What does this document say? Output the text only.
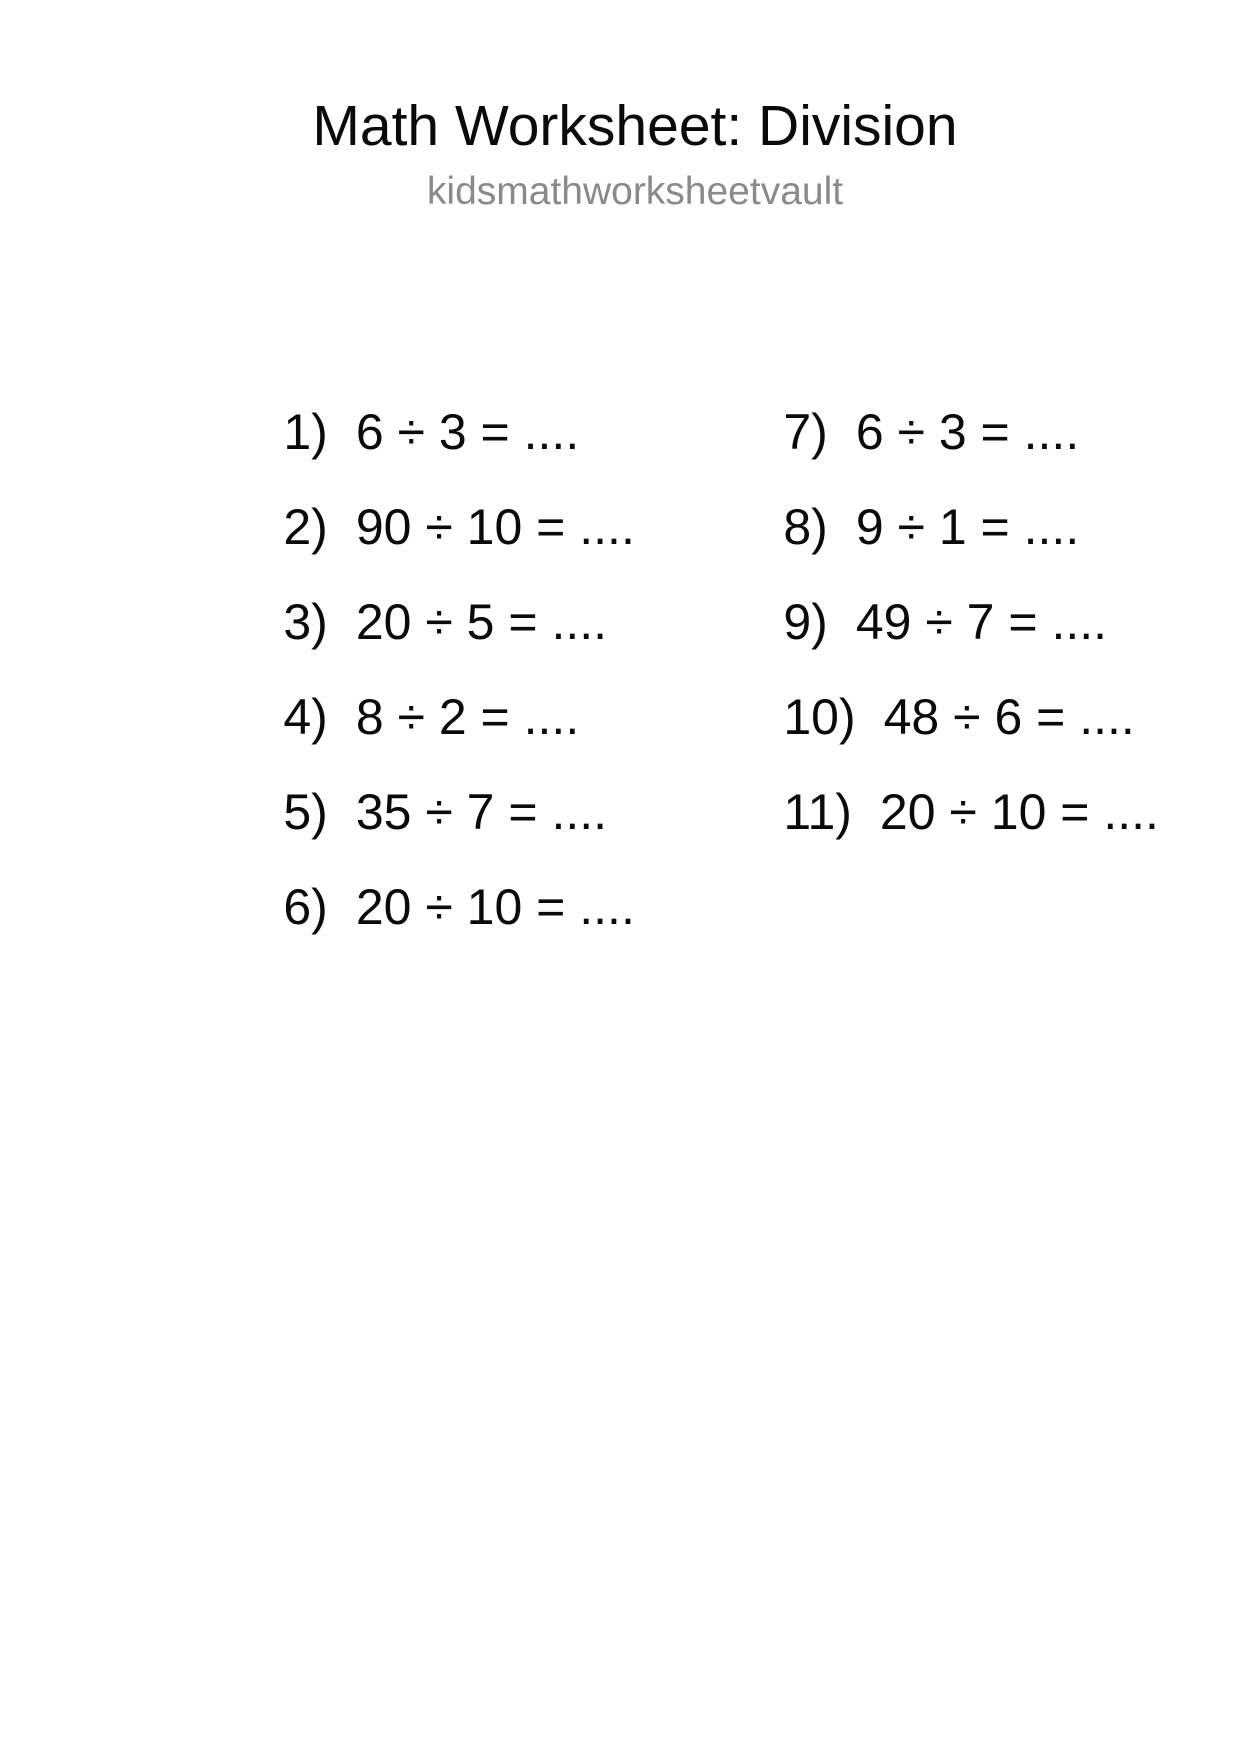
Math Worksheet: Division
kidsmathworksheetvault

1) 6 ÷ 3 = ....

2) 90 ÷ 10 = ....

3) 20 ÷ 5 = ....

4) 8 ÷ 2 = ....

5) 35 ÷ 7 = ....

6) 20 ÷ 10 = ....

7) 6 ÷ 3 = ....

8) 9 ÷ 1 = ....

9) 49 ÷ 7 = ....

10) 48 ÷ 6 = ....

11) 20 ÷ 10 = ....
